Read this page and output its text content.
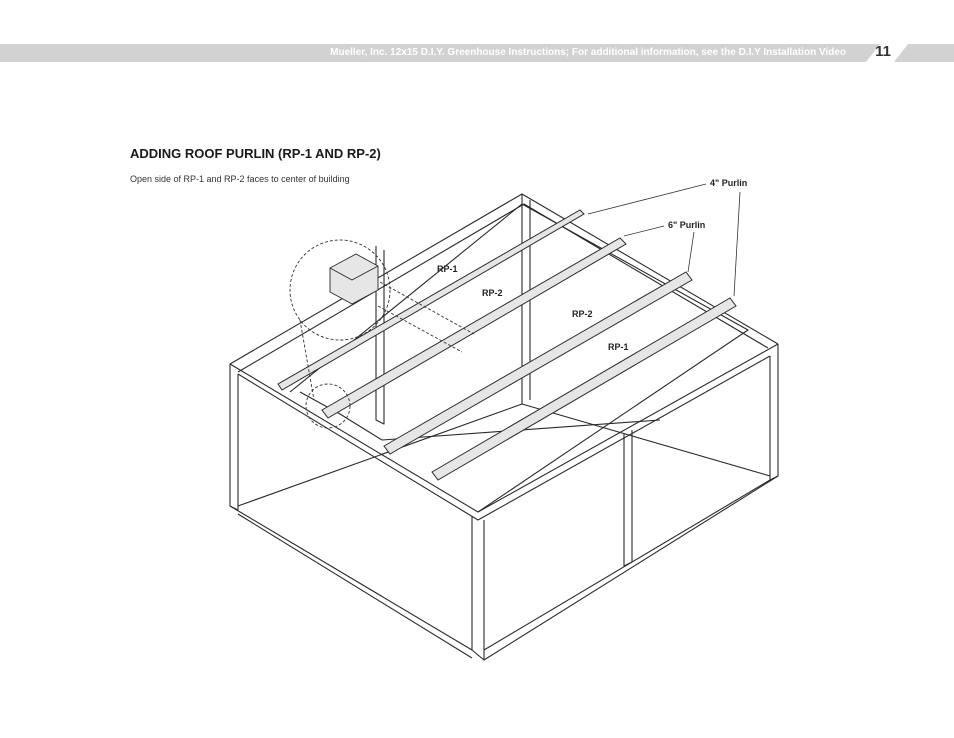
Mueller, Inc. 12x15 D.I.Y. Greenhouse Instructions; For additional information, see the D.I.Y Installation Video 11
ADDING ROOF PURLIN (RP-1 AND RP-2)
Open side of RP-1 and RP-2 faces to center of building	4" Purlin
6" Purlin
RP-1
RP-2
RP-2
RP-1
